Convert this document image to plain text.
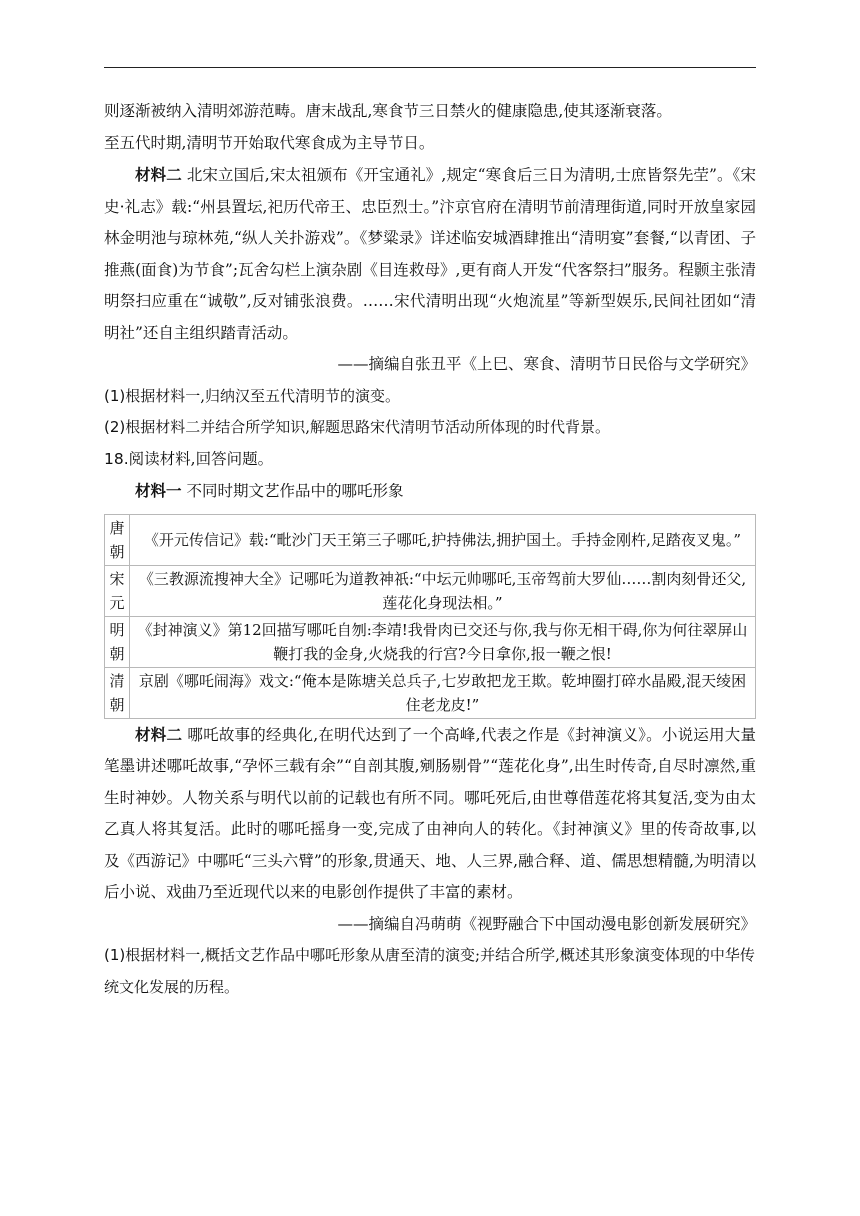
则逐渐被纳入清明郊游范畴。唐末战乱,寒食节三日禁火的健康隐患,使其逐渐衰落。

至五代时期,清明节开始取代寒食成为主导节日。

材料二 北宋立国后,宋太祖颁布《开宝通礼》,规定“寒食后三日为清明,士庶皆祭先茔”。《宋史·礼志》载:“州县置坛,祀历代帝王、忠臣烈士。”汴京官府在清明节前清理街道,同时开放皇家园林金明池与琼林苑,“纵人关扑游戏”。《梦粱录》详述临安城酒肆推出“清明宴”套餐,“以青团、子推燕(面食)为节食”;瓦舍勾栏上演杂剧《目连救母》,更有商人开发“代客祭扫”服务。程颢主张清明祭扫应重在“诚敬”,反对铺张浪费。……宋代清明出现“火炮流星”等新型娱乐,民间社团如“清明社”还自主组织踏青活动。

——摘编自张丑平《上巳、寒食、清明节日民俗与文学研究》

(1)根据材料一,归纳汉至五代清明节的演变。

(2)根据材料二并结合所学知识,解题思路宋代清明节活动所体现的时代背景。

18.阅读材料,回答问题。

材料一 不同时期文艺作品中的哪吒形象

唐朝	《开元传信记》载:“毗沙门天王第三子哪吒,护持佛法,拥护国土。手持金刚杵,足踏夜叉鬼。”
宋元	《三教源流搜神大全》记哪吒为道教神祇:“中坛元帅哪吒,玉帝驾前大罗仙……割肉刻骨还父,莲花化身现法相。”
明朝	《封神演义》第12回描写哪吒自刎:李靖!我骨肉已交还与你,我与你无相干碍,你为何往翠屏山鞭打我的金身,火烧我的行宫?今日拿你,报一鞭之恨!
清朝	京剧《哪吒闹海》戏文:“俺本是陈塘关总兵子,七岁敢把龙王欺。乾坤圈打碎水晶殿,混天绫困住老龙皮!”

材料二 哪吒故事的经典化,在明代达到了一个高峰,代表之作是《封神演义》。小说运用大量笔墨讲述哪吒故事,“孕怀三载有余”“自剖其腹,剜肠剔骨”“莲花化身”,出生时传奇,自尽时凛然,重生时神妙。人物关系与明代以前的记载也有所不同。哪吒死后,由世尊借莲花将其复活,变为由太乙真人将其复活。此时的哪吒摇身一变,完成了由神向人的转化。《封神演义》里的传奇故事,以及《西游记》中哪吒“三头六臂”的形象,贯通天、地、人三界,融合释、道、儒思想精髓,为明清以后小说、戏曲乃至近现代以来的电影创作提供了丰富的素材。

——摘编自冯萌萌《视野融合下中国动漫电影创新发展研究》

(1)根据材料一,概括文艺作品中哪吒形象从唐至清的演变;并结合所学,概述其形象演变体现的中华传统文化发展的历程。
